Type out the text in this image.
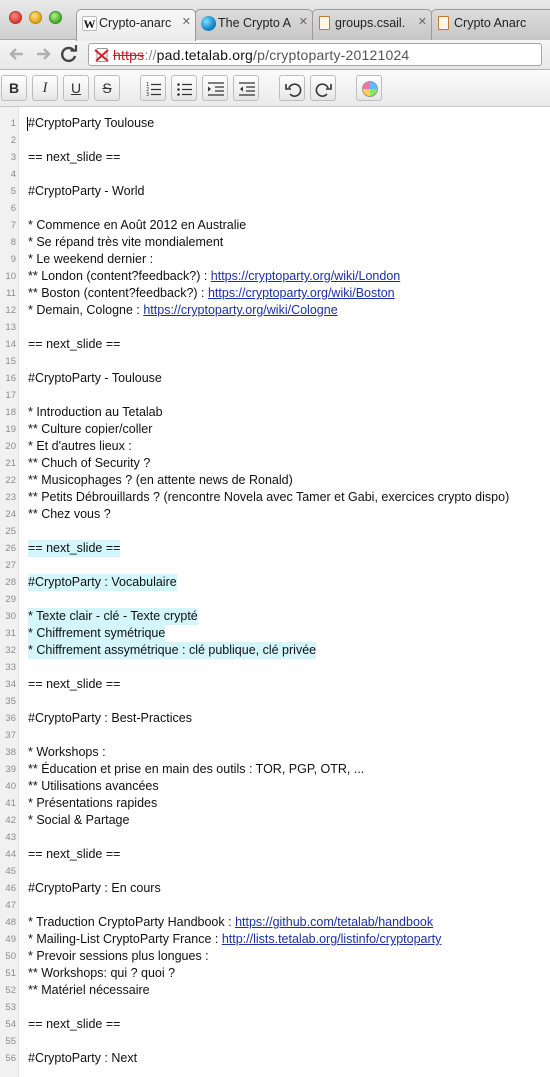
The Crypto A ✕ groups.csail.	✕ Crypto Anarc
W Crypto-anarc ✕
https://pad.tetalab.org/p/cryptoparty-20121024
B	I	U	S	1
2
3
1
2
3
4
5
6
7
8
9
10
11
12
13
14
15
16
17
18
19
20
21
22
23
24
25
26
27
28
29
30
31
32
33
34
35
36
37
38
39
40
41
42
43
44
45
46
47
48
49
50
51
52
53
54
55
56
#CryptoParty Toulouse
== next_slide ==
#CryptoParty - World
* Commence en Août 2012 en Australie
* Se répand très vite mondialement
* Le weekend dernier :
** London (content?feedback?) : https://cryptoparty.org/wiki/London
** Boston (content?feedback?) : https://cryptoparty.org/wiki/Boston
* Demain, Cologne : https://cryptoparty.org/wiki/Cologne
== next_slide ==
#CryptoParty - Toulouse
* Introduction au Tetalab
** Culture copier/coller
* Et d'autres lieux :
** Chuch of Security ?
** Musicophages ? (en attente news de Ronald)
** Petits Débrouillards ? (rencontre Novela avec Tamer et Gabi, exercices crypto dispo)
** Chez vous ?
== next_slide ==
#CryptoParty : Vocabulaire
* Texte clair - clé - Texte crypté
* Chiffrement symétrique
* Chiffrement assymétrique : clé publique, clé privée
== next_slide ==
#CryptoParty : Best-Practices
* Workshops :
** Éducation et prise en main des outils : TOR, PGP, OTR, ...
** Utilisations avancées
* Présentations rapides
* Social & Partage
== next_slide ==
#CryptoParty : En cours
* Traduction CryptoParty Handbook : https://github.com/tetalab/handbook
* Mailing-List CryptoParty France : http://lists.tetalab.org/listinfo/cryptoparty
* Prevoir sessions plus longues :
** Workshops: qui ? quoi ?
** Matériel nécessaire
== next_slide ==
#CryptoParty : Next
